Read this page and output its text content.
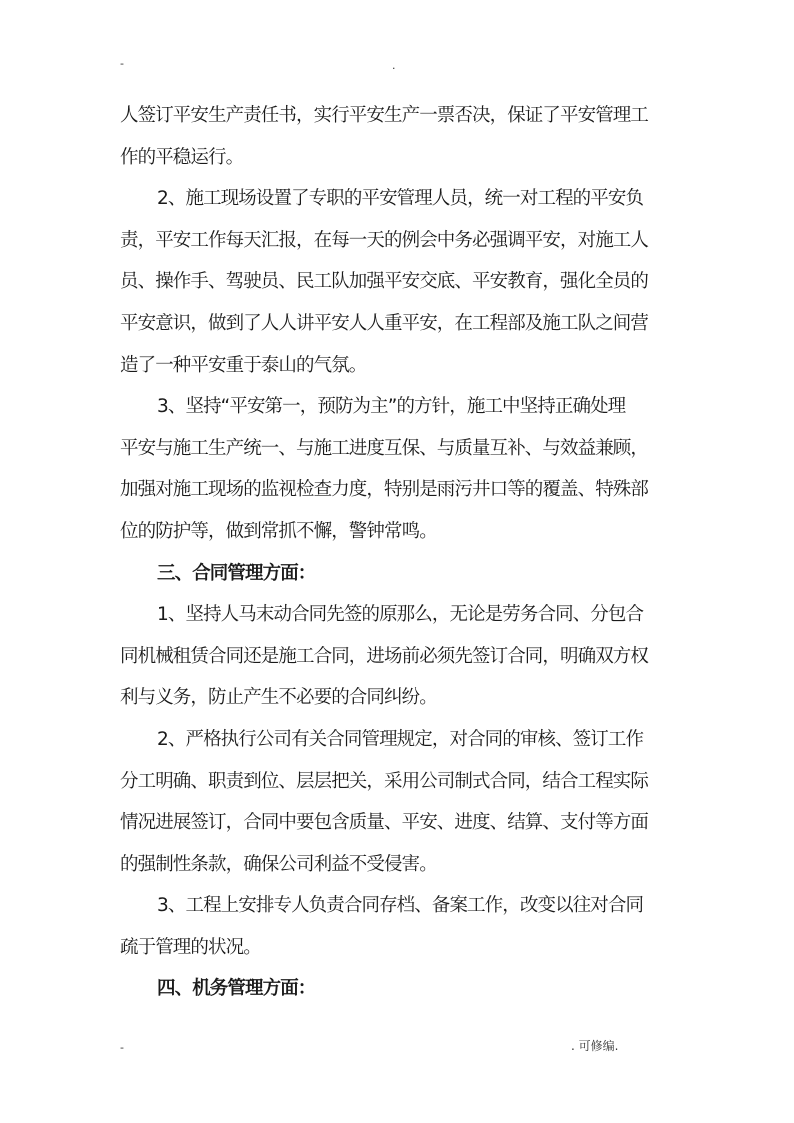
-	.
人签订平安生产责任书，实行平安生产一票否决，保证了平安管理工
作的平稳运行。
2、施工现场设置了专职的平安管理人员，统一对工程的平安负
责，平安工作每天汇报，在每一天的例会中务必强调平安，对施工人
员、操作手、驾驶员、民工队加强平安交底、平安教育，强化全员的
平安意识，做到了人人讲平安人人重平安，在工程部及施工队之间营
造了一种平安重于泰山的气氛。
3、坚持“平安第一，预防为主”的方针，施工中坚持正确处理
平安与施工生产统一、与施工进度互保、与质量互补、与效益兼顾，
加强对施工现场的监视检查力度，特别是雨污井口等的覆盖、特殊部
位的防护等，做到常抓不懈，警钟常鸣。
三、合同管理方面：
1、坚持人马末动合同先签的原那么，无论是劳务合同、分包合
同机械租赁合同还是施工合同，进场前必须先签订合同，明确双方权
利与义务，防止产生不必要的合同纠纷。
2、严格执行公司有关合同管理规定，对合同的审核、签订工作
分工明确、职责到位、层层把关，采用公司制式合同，结合工程实际
情况进展签订，合同中要包含质量、平安、进度、结算、支付等方面
的强制性条款，确保公司利益不受侵害。
3、工程上安排专人负责合同存档、备案工作，改变以往对合同
疏于管理的状况。
四、机务管理方面：
-	. 可修编.
